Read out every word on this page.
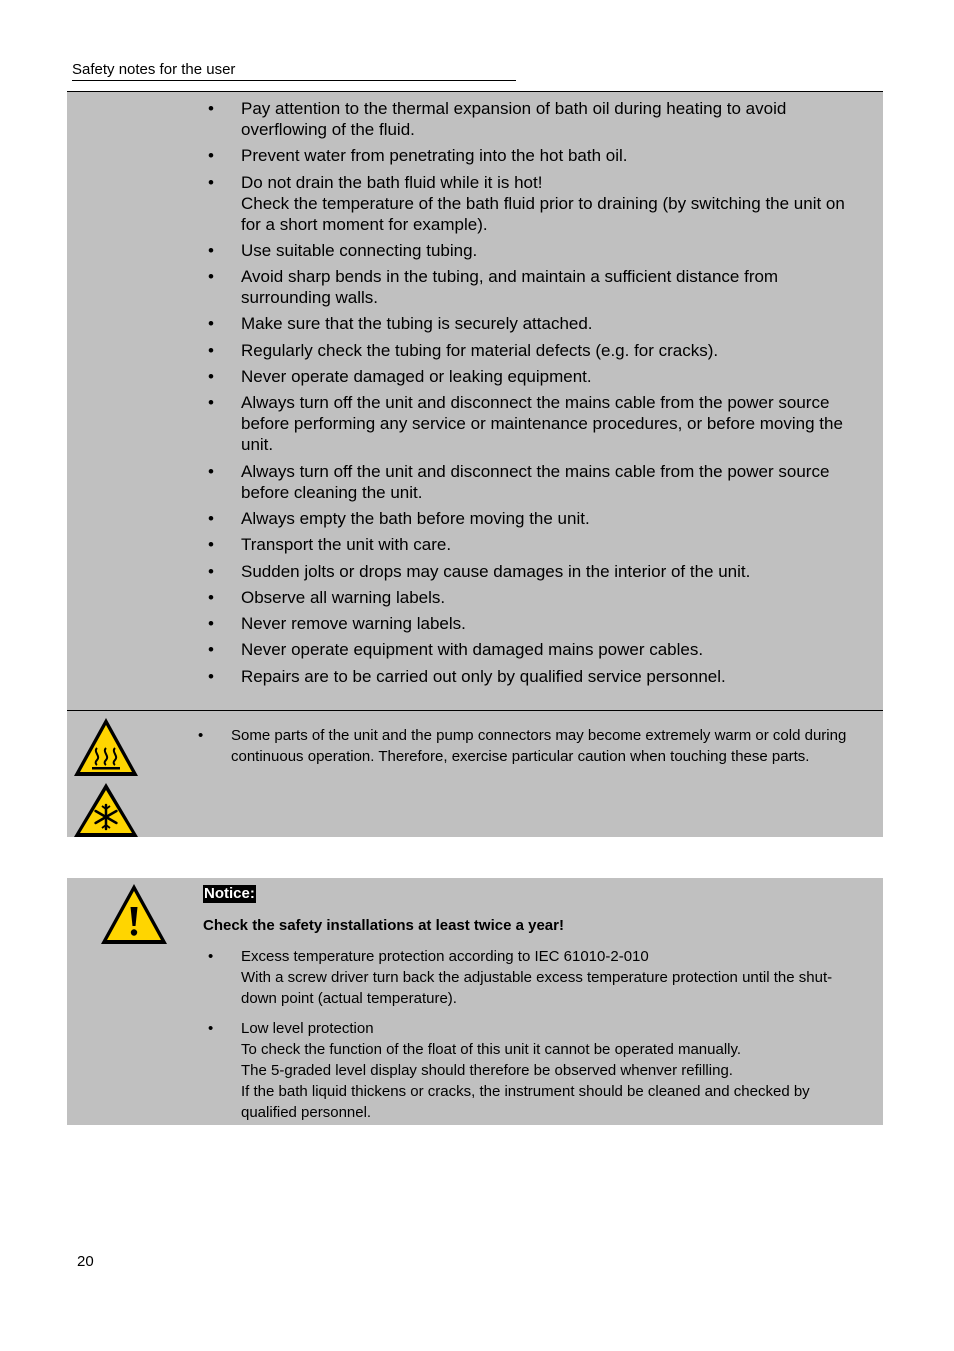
Safety notes for the user
• Pay attention to the thermal expansion of bath oil during heating to avoid overflowing of the fluid.
• Prevent water from penetrating into the hot bath oil.
• Do not drain the bath fluid while it is hot!
Check the temperature of the bath fluid prior to draining (by switching the unit on for a short moment for example).
• Use suitable connecting tubing.
• Avoid sharp bends in the tubing, and maintain a sufficient distance from surrounding walls.
• Make sure that the tubing is securely attached.
• Regularly check the tubing for material defects (e.g. for cracks).
• Never operate damaged or leaking equipment.
• Always turn off the unit and disconnect the mains cable from the power source before performing any service or maintenance procedures, or before moving the unit.
• Always turn off the unit and disconnect the mains cable from the power source before cleaning the unit.
• Always empty the bath before moving the unit.
• Transport the unit with care.
• Sudden jolts or drops may cause damages in the interior of the unit.
• Observe all warning labels.
• Never remove warning labels.
• Never operate equipment with damaged mains power cables.
• Repairs are to be carried out only by qualified service personnel.
• Some parts of the unit and the pump connectors may become extremely warm or cold during continuous operation. Therefore, exercise particular caution when touching these parts.
Notice:
Check the safety installations at least twice a year!
• Excess temperature protection according to IEC 61010-2-010
With a screw driver turn back the adjustable excess temperature protection until the shut-down point (actual temperature).
• Low level protection
To check the function of the float of this unit it cannot be operated manually.
The 5-graded level display should therefore be observed whenver refilling.
If the bath liquid thickens or cracks, the instrument should be cleaned and checked by qualified personnel.
20
